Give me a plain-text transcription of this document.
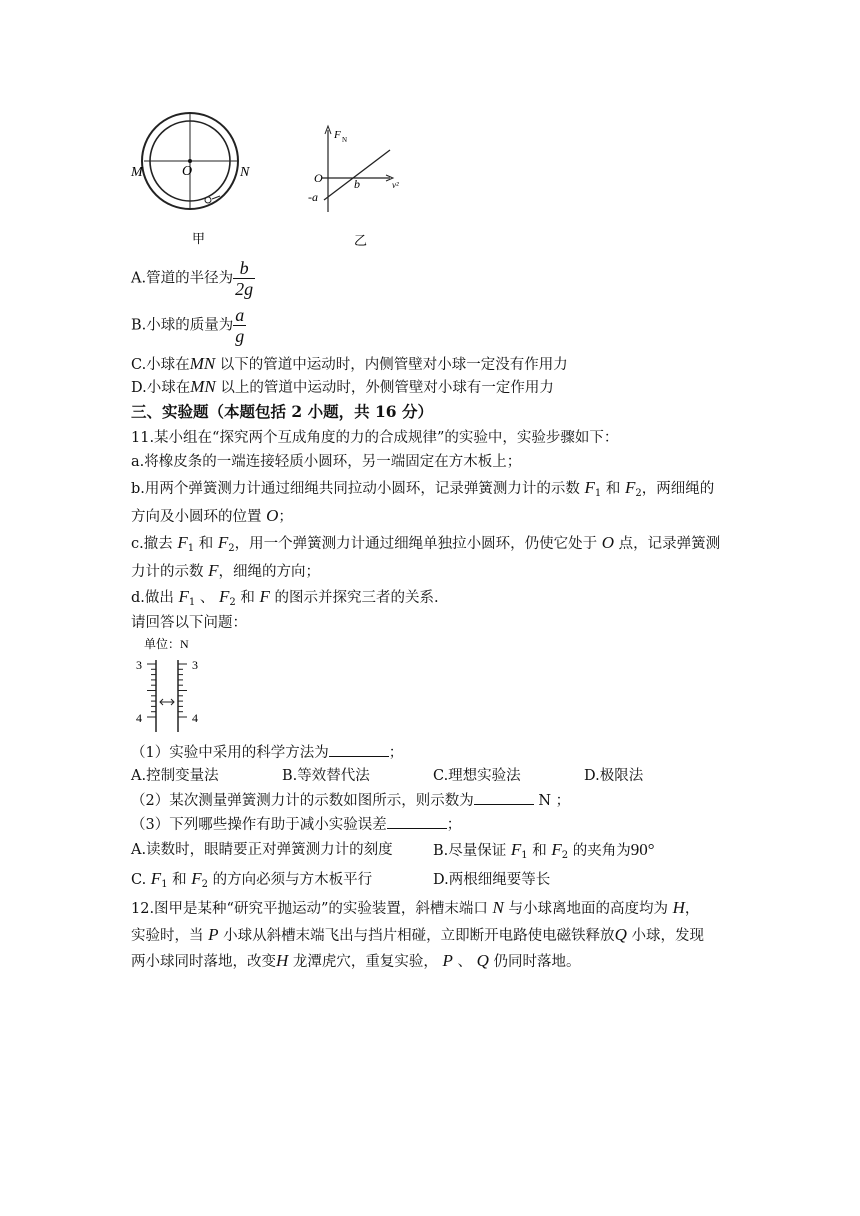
M	O	N
甲
F N
O	b
-a
v²
乙
A.管道的半径为 $\frac{b}{2g}$
B.小球的质量为 $\frac{a}{g}$
C.小球在MN 以下的管道中运动时，内侧管壁对小球一定没有作用力
D.小球在MN 以上的管道中运动时，外侧管壁对小球有一定作用力
三、实验题（本题包括 2 小题，共 16 分）
11.某小组在“探究两个互成角度的力的合成规律”的实验中，实验步骤如下：
a.将橡皮条的一端连接轻质小圆环，另一端固定在方木板上；
b.用两个弹簧测力计通过细绳共同拉动小圆环，记录弹簧测力计的示数 $F_1$ 和 $F_2$，两细绳的
方向及小圆环的位置 O；
c.撤去 $F_1$ 和 $F_2$，用一个弹簧测力计通过细绳单独拉小圆环，仍使它处于 O 点，记录弹簧测
力计的示数 F，细绳的方向；
d.做出 $F_1$ 、 $F_2$ 和 F 的图示并探究三者的关系.
请回答以下问题：
单位：N
3	3
4	4
（1）实验中采用的科学方法为	；
A.控制变量法	B.等效替代法	C.理想实验法	D.极限法
（2）某次测量弹簧测力计的示数如图所示，则示数为	N ；
（3）下列哪些操作有助于减小实验误差	；
A.读数时，眼睛要正对弹簧测力计的刻度	B.尽量保证 $F_1$ 和 $F_2$ 的夹角为90°
C. $F_1$ 和 $F_2$ 的方向必须与方木板平行	D.两根细绳要等长
12.图甲是某种“研究平抛运动”的实验装置，斜槽末端口 N 与小球离地面的高度均为 H，
实验时，当 P 小球从斜槽末端飞出与挡片相碰，立即断开电路使电磁铁释放Q 小球，发现
两小球同时落地，改变H 龙潭虎穴，重复实验， P 、 Q 仍同时落地。
